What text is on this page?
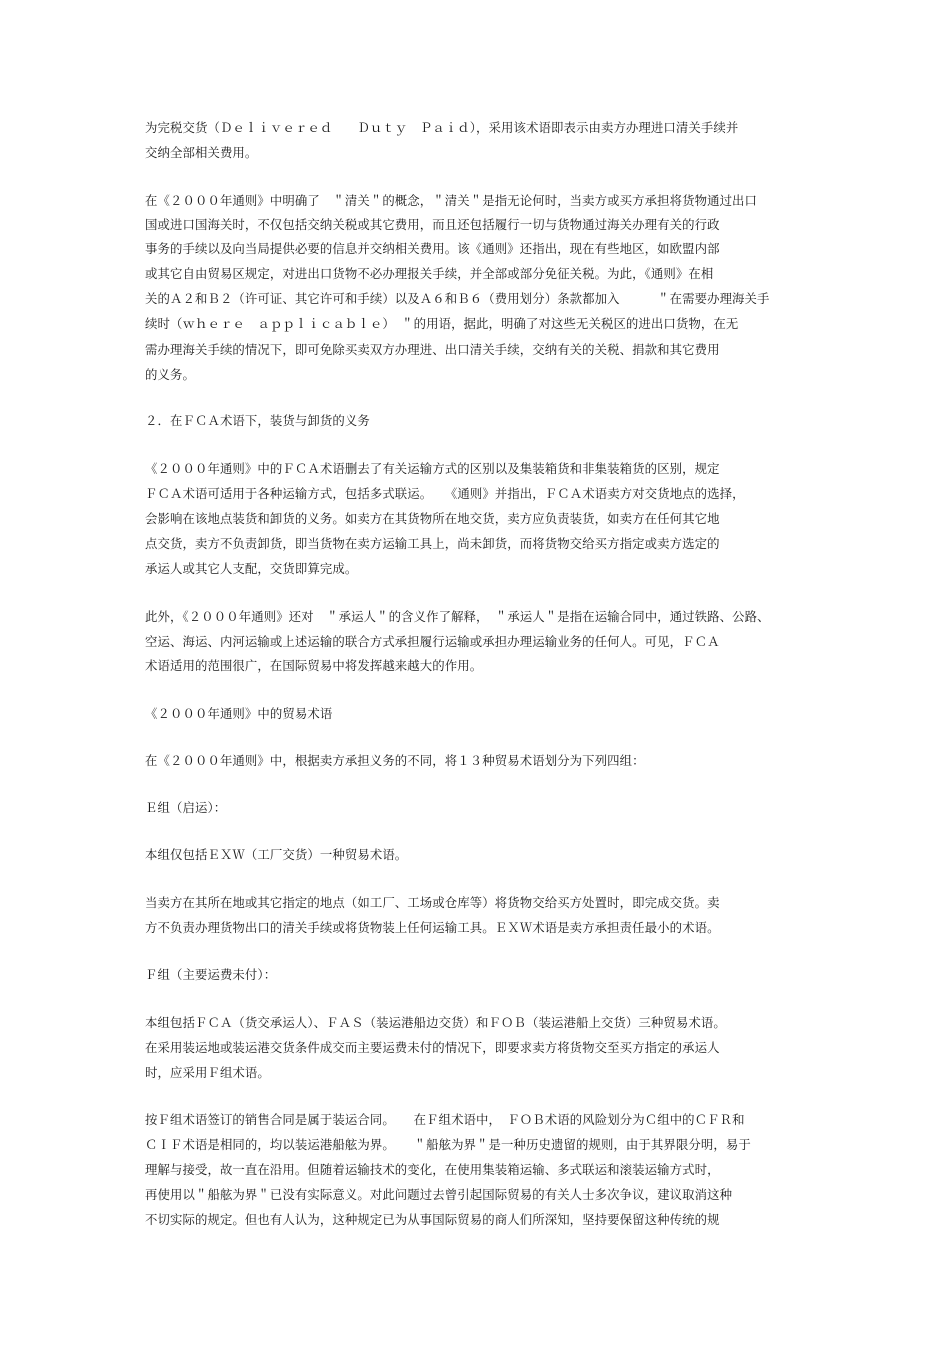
为完税交货（Ｄｅｌｉｖｅｒｅｄ　　Ｄｕｔｙ　Ｐａｉｄ），采用该术语即表示由卖方办理进口清关手续并
交纳全部相关费用。
在《２０００年通则》中明确了　＂清关＂的概念，＂清关＂是指无论何时，当卖方或买方承担将货物通过出口
国或进口国海关时，不仅包括交纳关税或其它费用，而且还包括履行一切与货物通过海关办理有关的行政
事务的手续以及向当局提供必要的信息并交纳相关费用。该《通则》还指出，现在有些地区，如欧盟内部
或其它自由贸易区规定，对进出口货物不必办理报关手续，并全部或部分免征关税。为此，《通则》在相
关的Ａ２和Ｂ２（许可证、其它许可和手续）以及Ａ６和Ｂ６（费用划分）条款都加入　　　＂在需要办理海关手
续时（ｗｈｅｒｅ　ａｐｐｌｉｃａｂｌｅ）　＂的用语，据此，明确了对这些无关税区的进出口货物，在无
需办理海关手续的情况下，即可免除买卖双方办理进、出口清关手续，交纳有关的关税、捐款和其它费用
的义务。
２．在ＦＣＡ术语下，装货与卸货的义务
《２０００年通则》中的ＦＣＡ术语删去了有关运输方式的区别以及集装箱货和非集装箱货的区别，规定
ＦＣＡ术语可适用于各种运输方式，包括多式联运。　　《通则》并指出，ＦＣＡ术语卖方对交货地点的选择，
会影响在该地点装货和卸货的义务。如卖方在其货物所在地交货，卖方应负责装货，如卖方在任何其它地
点交货，卖方不负责卸货，即当货物在卖方运输工具上，尚未卸货，而将货物交给买方指定或卖方选定的
承运人或其它人支配，交货即算完成。
此外，《２０００年通则》还对　＂承运人＂的含义作了解释，　＂承运人＂是指在运输合同中，通过铁路、公路、
空运、海运、内河运输或上述运输的联合方式承担履行运输或承担办理运输业务的任何人。可见，ＦＣＡ
术语适用的范围很广，在国际贸易中将发挥越来越大的作用。
《２０００年通则》中的贸易术语
在《２０００年通则》中，根据卖方承担义务的不同，将１３种贸易术语划分为下列四组：
Ｅ组（启运）：
本组仅包括ＥＸＷ（工厂交货）一种贸易术语。
当卖方在其所在地或其它指定的地点（如工厂、工场或仓库等）将货物交给买方处置时，即完成交货。卖
方不负责办理货物出口的清关手续或将货物装上任何运输工具。ＥＸＷ术语是卖方承担责任最小的术语。
Ｆ组（主要运费未付）：
本组包括ＦＣＡ（货交承运人）、ＦＡＳ（装运港船边交货）和ＦＯＢ（装运港船上交货）三种贸易术语。
在采用装运地或装运港交货条件成交而主要运费未付的情况下，即要求卖方将货物交至买方指定的承运人
时，应采用Ｆ组术语。
按Ｆ组术语签订的销售合同是属于装运合同。　　在Ｆ组术语中，　ＦＯＢ术语的风险划分为Ｃ组中的ＣＦＲ和
ＣＩＦ术语是相同的，均以装运港船舷为界。　　＂船舷为界＂是一种历史遗留的规则，由于其界限分明，易于
理解与接受，故一直在沿用。但随着运输技术的变化，在使用集装箱运输、多式联运和滚装运输方式时，
再使用以＂船舷为界＂已没有实际意义。对此问题过去曾引起国际贸易的有关人士多次争议，建议取消这种
不切实际的规定。但也有人认为，这种规定已为从事国际贸易的商人们所深知，坚持要保留这种传统的规
